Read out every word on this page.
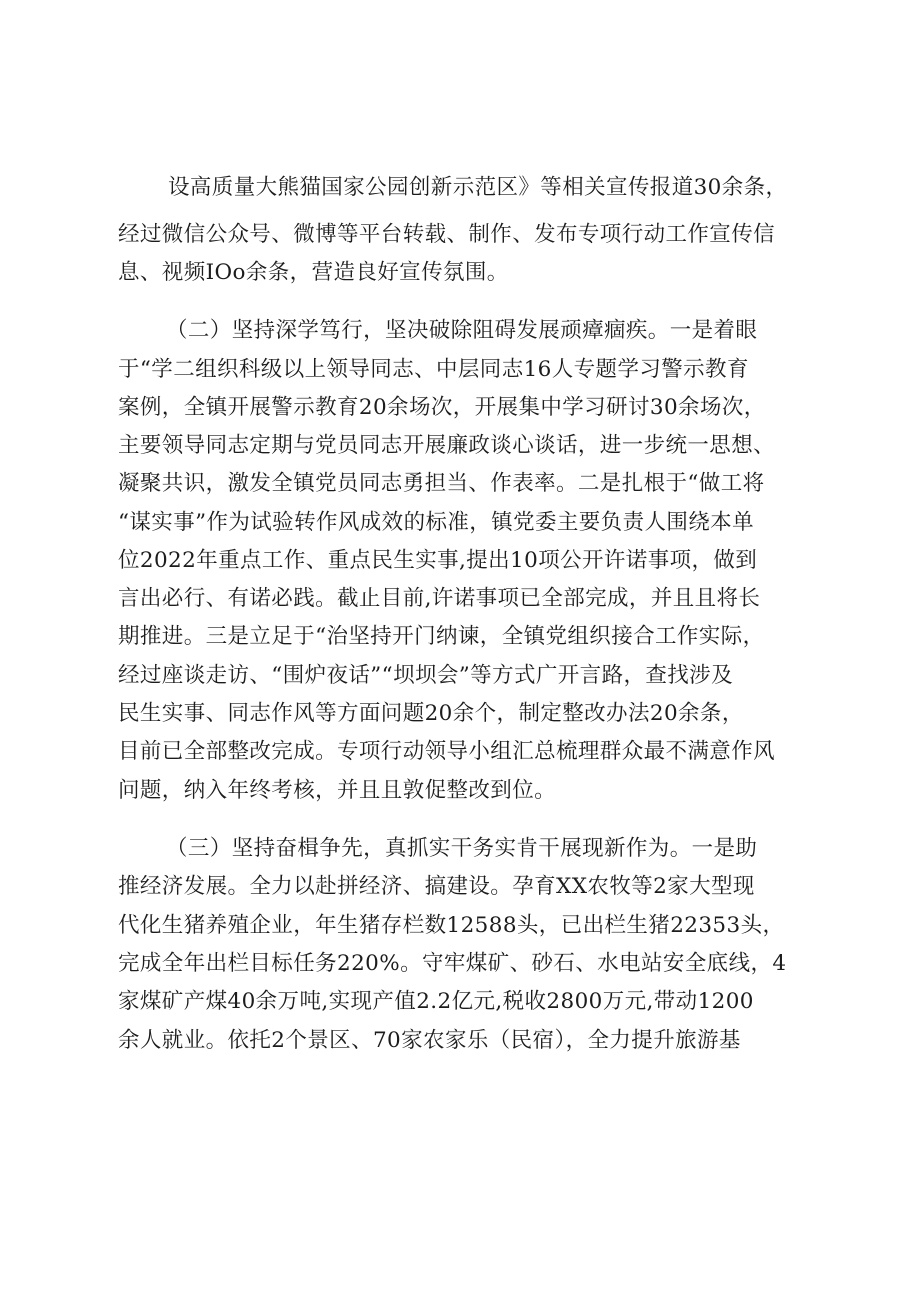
设高质量大熊猫国家公园创新示范区》等相关宣传报道30余条，
经过微信公众号、微博等平台转载、制作、发布专项行动工作宣传信
息、视频IOo余条，营造良好宣传氛围。
（二）坚持深学笃行，坚决破除阻碍发展顽瘴痼疾。一是着眼
于“学二组织科级以上领导同志、中层同志16人专题学习警示教育
案例，全镇开展警示教育20余场次，开展集中学习研讨30余场次，
主要领导同志定期与党员同志开展廉政谈心谈话，进一步统一思想、
凝聚共识，激发全镇党员同志勇担当、作表率。二是扎根于“做工将
“谋实事”作为试验转作风成效的标准，镇党委主要负责人围绕本单
位2022年重点工作、重点民生实事,提出10项公开许诺事项，做到
言出必行、有诺必践。截止目前,许诺事项已全部完成，并且且将长
期推进。三是立足于“治坚持开门纳谏，全镇党组织接合工作实际，
经过座谈走访、“围炉夜话”“坝坝会”等方式广开言路，查找涉及
民生实事、同志作风等方面问题20余个，制定整改办法20余条，
目前已全部整改完成。专项行动领导小组汇总梳理群众最不满意作风
问题，纳入年终考核，并且且敦促整改到位。
（三）坚持奋楫争先，真抓实干务实肯干展现新作为。一是助
推经济发展。全力以赴拼经济、搞建设。孕育XX农牧等2家大型现
代化生猪养殖企业，年生猪存栏数12588头，已出栏生猪22353头，
完成全年出栏目标任务220%。守牢煤矿、砂石、水电站安全底线，4
家煤矿产煤40余万吨,实现产值2.2亿元,税收2800万元,带动1200
余人就业。依托2个景区、70家农家乐（民宿），全力提升旅游基
